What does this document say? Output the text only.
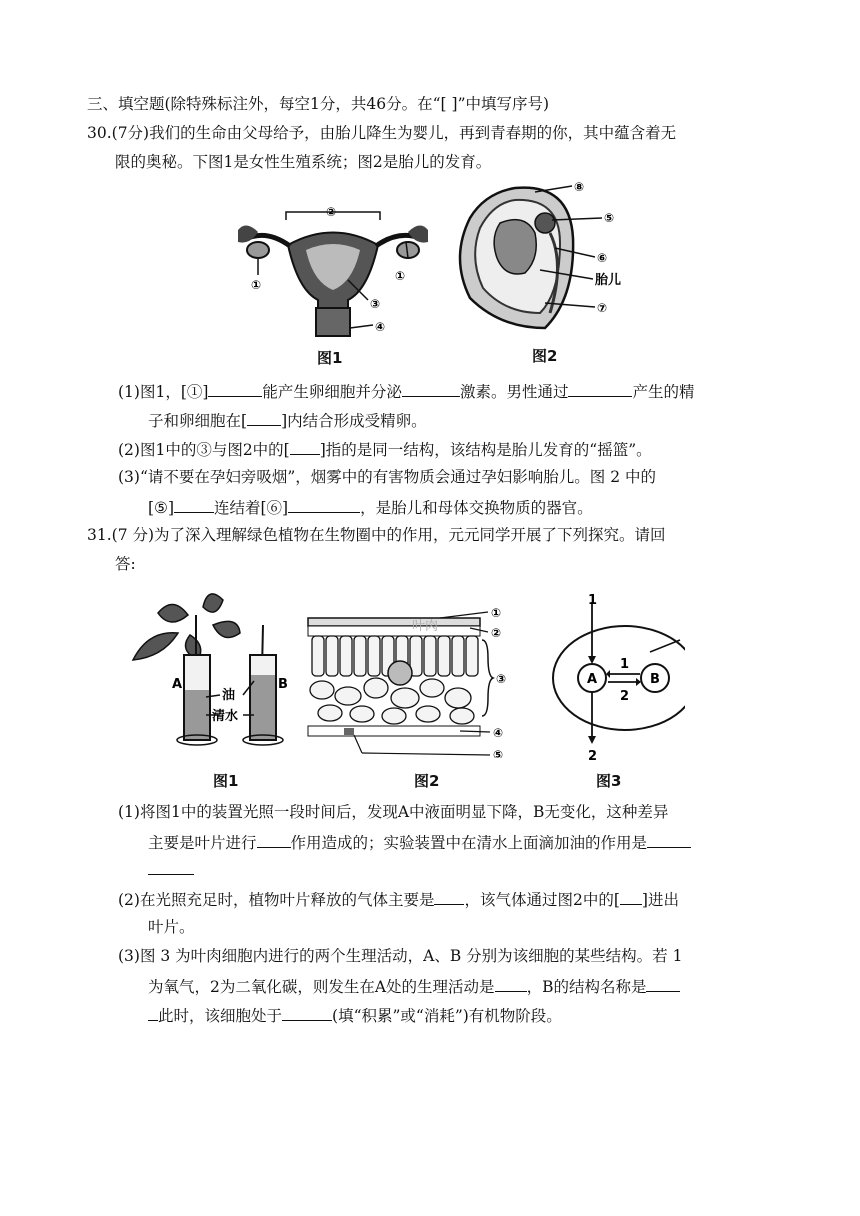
三、填空题(除特殊标注外，每空1分，共46分。在“[ ]”中填写序号)
30.(7分)我们的生命由父母给予，由胎儿降生为婴儿，再到青春期的你，其中蕴含着无
限的奥秘。下图1是女性生殖系统；图2是胎儿的发育。
②
①
①
③
④
图1
⑧
⑤
⑥
胎儿
⑦
图2
(1)图1，[①]	能产生卵细胞并分泌	激素。男性通过	产生的精
子和卵细胞在[ ]内结合形成受精卵。
(2)图1中的③与图2中的[ ]指的是同一结构，该结构是胎儿发育的“摇篮”。
(3)“请不要在孕妇旁吸烟”，烟雾中的有害物质会通过孕妇影响胎儿。图 2 中的
[⑤]	连结着[⑥]	，是胎儿和母体交换物质的器官。
31.(7 分)为了深入理解绿色植物在生物圈中的作用，元元同学开展了下列探究。请回
答:
A	B
油
清水
图1
叶肉
①
②
③
④
⑤
图2
A	B
1
1
2
2
图3
(1)将图1中的装置光照一段时间后，发现A中液面明显下降，B无变化，这种差异
主要是叶片进行 作用造成的；实验装置中在清水上面滴加油的作用是
(2)在光照充足时，植物叶片释放的气体主要是 ，该气体通过图2中的[ ]进出
叶片。
(3)图 3 为叶肉细胞内进行的两个生理活动，A、B 分别为该细胞的某些结构。若 1
为氧气，2为二氧化碳，则发生在A处的生理活动是 ，B的结构名称是
此时，该细胞处于	(填“积累”或“消耗”)有机物阶段。
